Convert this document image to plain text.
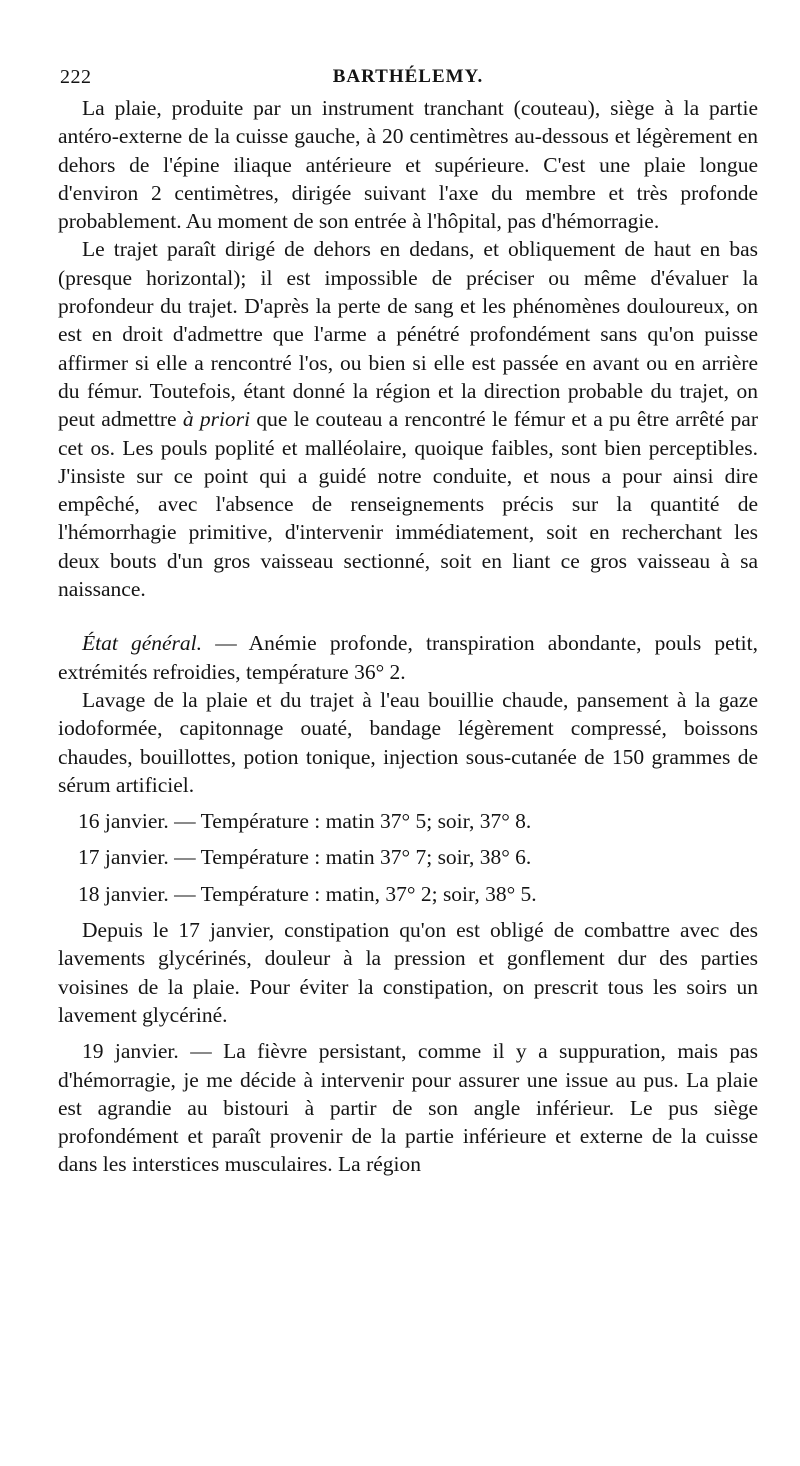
222	BARTHÉLEMY.

La plaie, produite par un instrument tranchant (couteau), siège à la partie antéro-externe de la cuisse gauche, à 20 centimètres au-dessous et légèrement en dehors de l'épine iliaque antérieure et supérieure. C'est une plaie longue d'environ 2 centimètres, dirigée suivant l'axe du membre et très profonde probablement. Au moment de son entrée à l'hôpital, pas d'hémorragie.

Le trajet paraît dirigé de dehors en dedans, et obliquement de haut en bas (presque horizontal); il est impossible de préciser ou même d'évaluer la profondeur du trajet. D'après la perte de sang et les phénomènes douloureux, on est en droit d'admettre que l'arme a pénétré profondément sans qu'on puisse affirmer si elle a rencontré l'os, ou bien si elle est passée en avant ou en arrière du fémur. Toutefois, étant donné la région et la direction probable du trajet, on peut admettre à priori que le couteau a rencontré le fémur et a pu être arrêté par cet os. Les pouls poplité et malléolaire, quoique faibles, sont bien perceptibles. J'insiste sur ce point qui a guidé notre conduite, et nous a pour ainsi dire empêché, avec l'absence de renseignements précis sur la quantité de l'hémorrhagie primitive, d'intervenir immédiatement, soit en recherchant les deux bouts d'un gros vaisseau sectionné, soit en liant ce gros vaisseau à sa naissance.

État général. — Anémie profonde, transpiration abondante, pouls petit, extrémités refroidies, température 36° 2.

Lavage de la plaie et du trajet à l'eau bouillie chaude, pansement à la gaze iodoformée, capitonnage ouaté, bandage légèrement compressé, boissons chaudes, bouillottes, potion tonique, injection sous-cutanée de 150 grammes de sérum artificiel.

16 janvier. — Température : matin 37° 5; soir, 37° 8.

17 janvier. — Température : matin 37° 7; soir, 38° 6.

18 janvier. — Température : matin, 37° 2; soir, 38° 5.

Depuis le 17 janvier, constipation qu'on est obligé de combattre avec des lavements glycérinés, douleur à la pression et gonflement dur des parties voisines de la plaie. Pour éviter la constipation, on prescrit tous les soirs un lavement glycériné.

19 janvier. — La fièvre persistant, comme il y a suppuration, mais pas d'hémorragie, je me décide à intervenir pour assurer une issue au pus. La plaie est agrandie au bistouri à partir de son angle inférieur. Le pus siège profondément et paraît provenir de la partie inférieure et externe de la cuisse dans les interstices musculaires. La région
